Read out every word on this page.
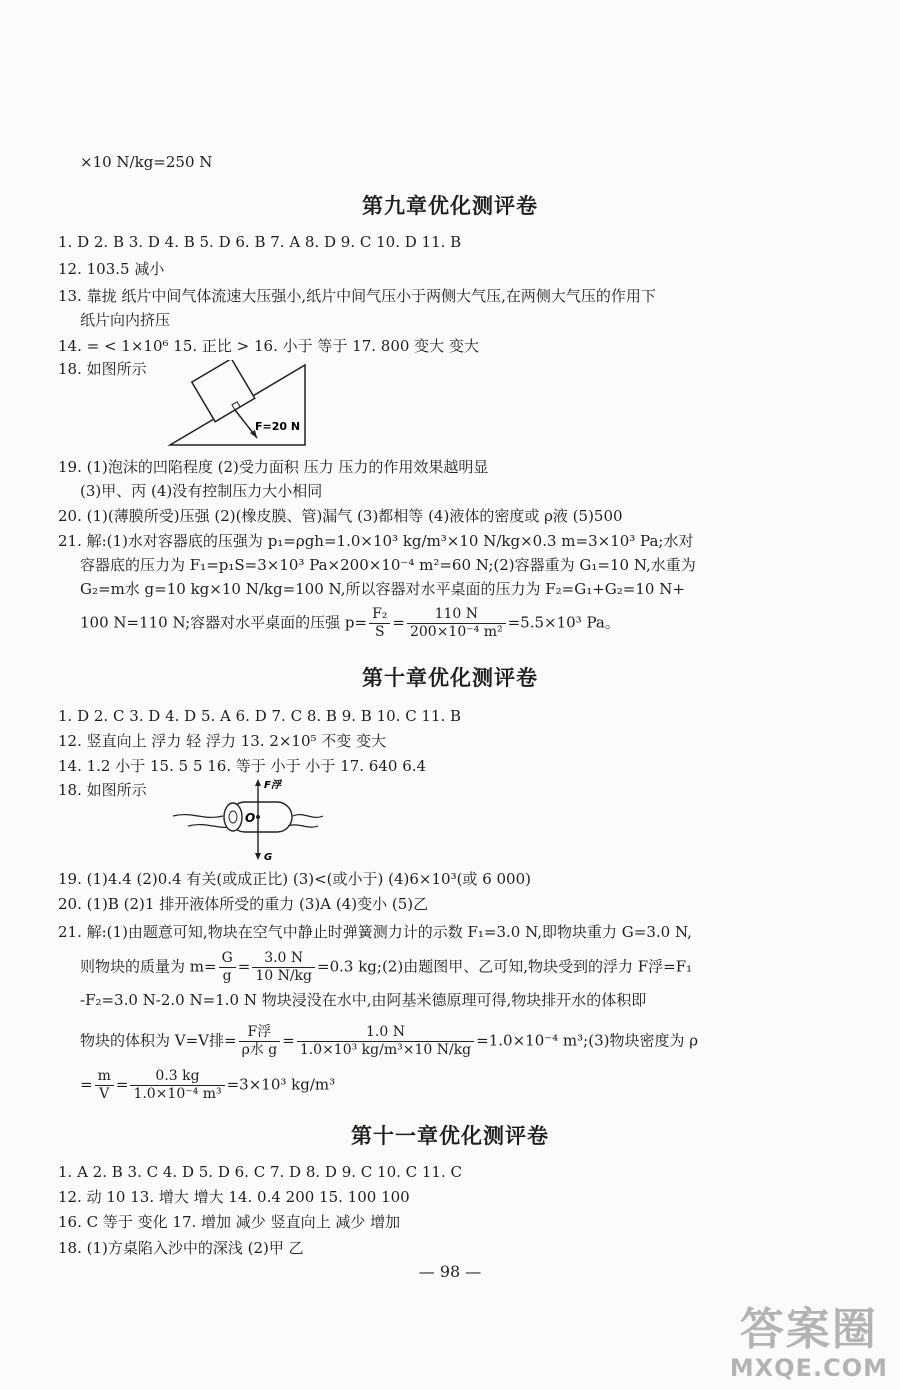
×10 N/kg=250 N
第九章优化测评卷
1. D 2. B 3. D 4. B 5. D 6. B 7. A 8. D 9. C 10. D 11. B
12. 103.5 减小
13. 靠拢 纸片中间气体流速大压强小,纸片中间气压小于两侧大气压,在两侧大气压的作用下
纸片向内挤压
14. = < 1×10⁶ 15. 正比 > 16. 小于 等于 17. 800 变大 变大
18. 如图所示
F=20 N
19. (1)泡沫的凹陷程度 (2)受力面积 压力 压力的作用效果越明显
(3)甲、丙 (4)没有控制压力大小相同
20. (1)(薄膜所受)压强 (2)(橡皮膜、管)漏气 (3)都相等 (4)液体的密度或 ρ液 (5)500
21. 解:(1)水对容器底的压强为 p₁=ρgh=1.0×10³ kg/m³×10 N/kg×0.3 m=3×10³ Pa;水对
容器底的压力为 F₁=p₁S=3×10³ Pa×200×10⁻⁴ m²=60 N;(2)容器重为 G₁=10 N,水重为
G₂=m水 g=10 kg×10 N/kg=100 N,所以容器对水平桌面的压力为 F₂=G₁+G₂=10 N+
100 N=110 N;容器对水平桌面的压强 $p= \frac{\text{F₂}}{S} = \frac{110 N}{\text{200×10⁻⁴ m²}} =5.5\times 10^3$ Pa。
第十章优化测评卷
1. D 2. C 3. D 4. D 5. A 6. D 7. C 8. B 9. B 10. C 11. B
12. 竖直向上 浮力 轻 浮力 13. 2×10⁵ 不变 变大
14. 1.2 小于 15. 5 5 16. 等于 小于 小于 17. 640 6.4
18. 如图所示	F浮
O
G
19. (1)4.4 (2)0.4 有关(或成正比) (3)<(或小于) (4)6×10³(或 6 000)
20. (1)B (2)1 排开液体所受的重力 (3)A (4)变小 (5)乙
21. 解:(1)由题意可知,物块在空气中静止时弹簧测力计的示数 F₁=3.0 N,即物块重力 G=3.0 N,
则物块的质量为 $m= \frac{G}{g} = \frac{3.0 N}{10 N/kg} =0.3$ kg;(2)由题图甲、乙可知,物块受到的浮力 F浮=F₁
-F₂=3.0 N-2.0 N=1.0 N 物块浸没在水中,由阿基米德原理可得,物块排开水的体积即
物块的体积为 V=V排= $\frac{\text{F浮}}{\text{ρ水 g}} = \frac{1.0 N}{\text{1.0×10³ kg/m³×10 N/kg}} =1.0\times 10^{-4}$ m³;(3)物块密度为 ρ
= $\frac{m}{V} = \frac{0.3 kg}{\text{1.0×10⁻⁴ m³}} =3\times 10^3$ kg/m³
第十一章优化测评卷
1. A 2. B 3. C 4. D 5. D 6. C 7. D 8. D 9. C 10. C 11. C
12. 动 10 13. 增大 增大 14. 0.4 200 15. 100 100
16. C 等于 变化 17. 增加 减少 竖直向上 减少 增加
18. (1)方桌陷入沙中的深浅 (2)甲 乙
— 98 —
答案圈
MXQE.COM
